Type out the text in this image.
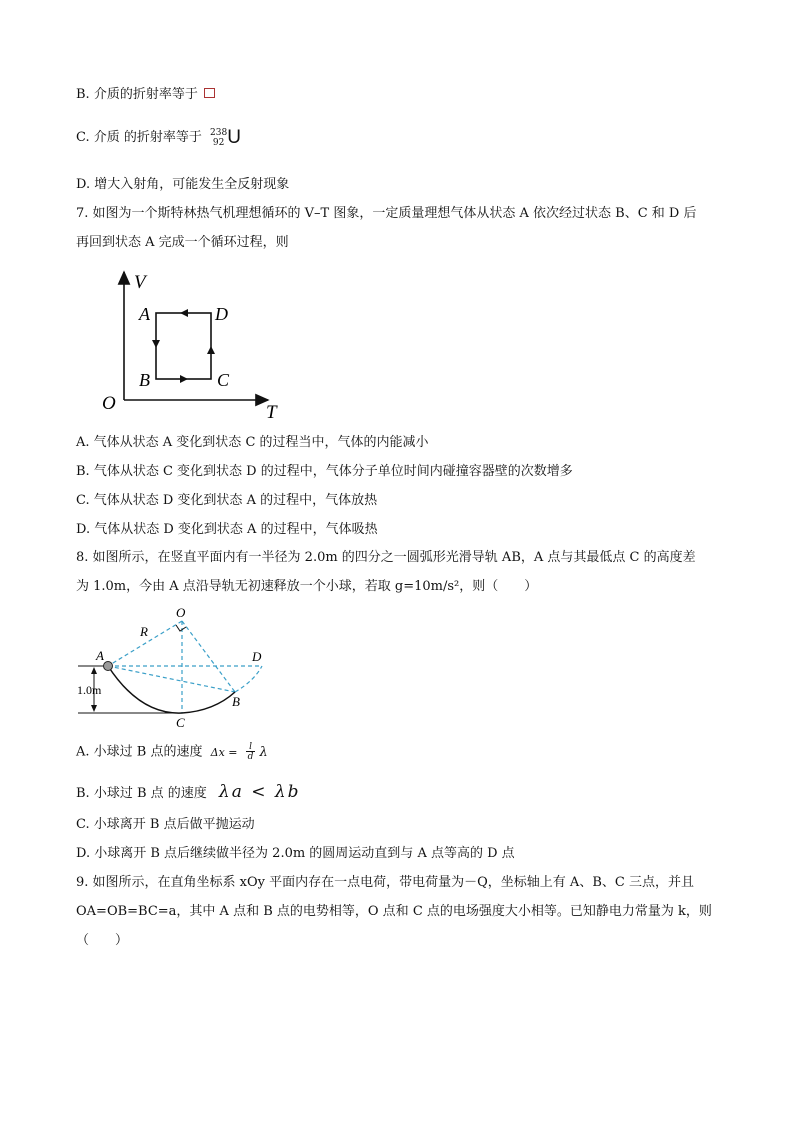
B. 介质的折射率等于
C. 介质 的折射率等于 238
92 U
D. 增大入射角，可能发生全反射现象
7. 如图为一个斯特林热气机理想循环的 V–T 图象，一定质量理想气体从状态 A 依次经过状态 B、C 和 D 后
再回到状态 A 完成一个循环过程，则
V
T
O
A	D
B	C
A. 气体从状态 A 变化到状态 C 的过程当中，气体的内能减小
B. 气体从状态 C 变化到状态 D 的过程中，气体分子单位时间内碰撞容器壁的次数增多
C. 气体从状态 D 变化到状态 A 的过程中，气体放热
D. 气体从状态 D 变化到状态 A 的过程中，气体吸热
8. 如图所示，在竖直平面内有一半径为 2.0m 的四分之一圆弧形光滑导轨 AB，A 点与其最低点 C 的高度差
为 1.0m，今由 A 点沿导轨无初速释放一个小球，若取 g=10m/s²，则（　　）
O
R
A	D
B
C
1.0m
A. 小球过 B 点的速度 $\Delta x = \frac{l}{d}$ λ
B. 小球过 B 点 的速度 λa < λb
C. 小球离开 B 点后做平抛运动
D. 小球离开 B 点后继续做半径为 2.0m 的圆周运动直到与 A 点等高的 D 点
9. 如图所示，在直角坐标系 xOy 平面内存在一点电荷，带电荷量为－Q，坐标轴上有 A、B、C 三点，并且
OA=OB=BC=a，其中 A 点和 B 点的电势相等，O 点和 C 点的电场强度大小相等。已知静电力常量为 k，则
（　　）
